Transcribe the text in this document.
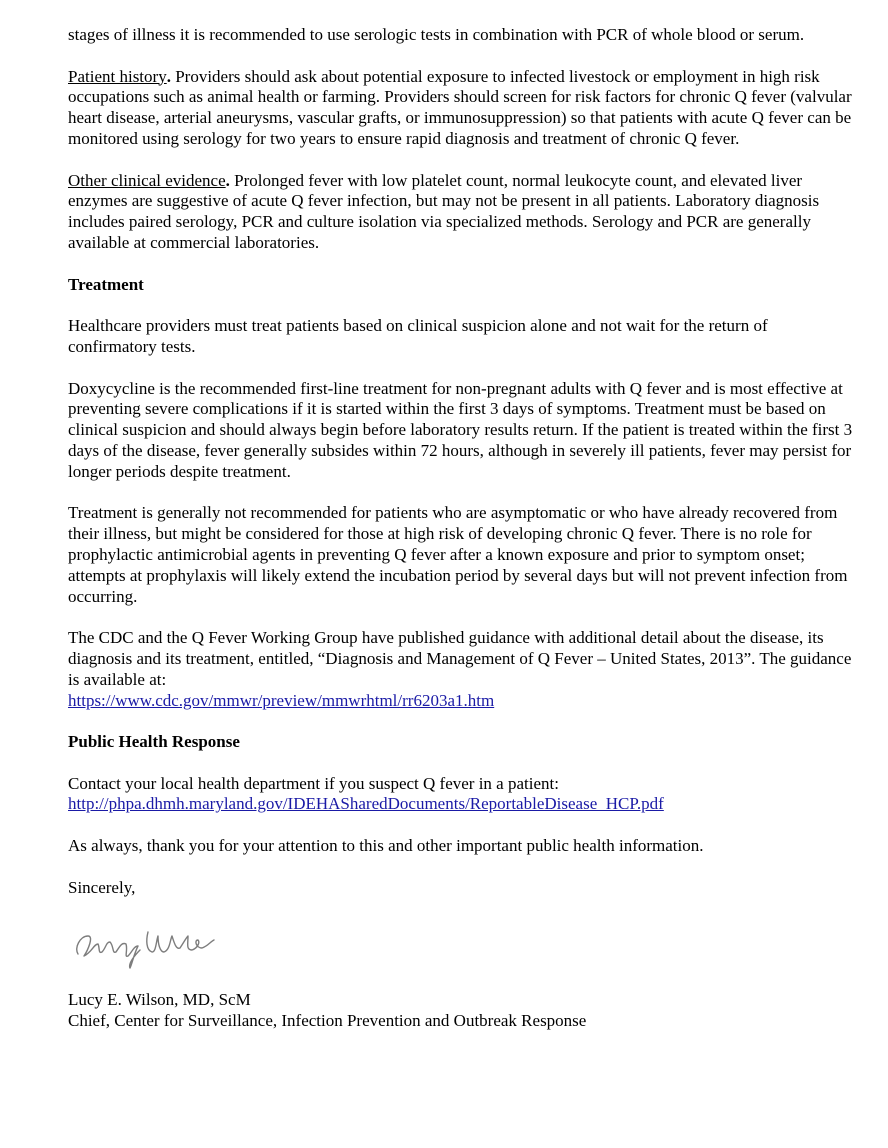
stages of illness it is recommended to use serologic tests in combination with PCR of whole blood or serum.

Patient history. Providers should ask about potential exposure to infected livestock or employment in high risk occupations such as animal health or farming. Providers should screen for risk factors for chronic Q fever (valvular heart disease, arterial aneurysms, vascular grafts, or immunosuppression) so that patients with acute Q fever can be monitored using serology for two years to ensure rapid diagnosis and treatment of chronic Q fever.

Other clinical evidence. Prolonged fever with low platelet count, normal leukocyte count, and elevated liver enzymes are suggestive of acute Q fever infection, but may not be present in all patients. Laboratory diagnosis includes paired serology, PCR and culture isolation via specialized methods. Serology and PCR are generally available at commercial laboratories.

Treatment

Healthcare providers must treat patients based on clinical suspicion alone and not wait for the return of confirmatory tests.

Doxycycline is the recommended first-line treatment for non-pregnant adults with Q fever and is most effective at preventing severe complications if it is started within the first 3 days of symptoms. Treatment must be based on clinical suspicion and should always begin before laboratory results return. If the patient is treated within the first 3 days of the disease, fever generally subsides within 72 hours, although in severely ill patients, fever may persist for longer periods despite treatment.

Treatment is generally not recommended for patients who are asymptomatic or who have already recovered from their illness, but might be considered for those at high risk of developing chronic Q fever. There is no role for prophylactic antimicrobial agents in preventing Q fever after a known exposure and prior to symptom onset; attempts at prophylaxis will likely extend the incubation period by several days but will not prevent infection from occurring.

The CDC and the Q Fever Working Group have published guidance with additional detail about the disease, its diagnosis and its treatment, entitled, “Diagnosis and Management of Q Fever – United States, 2013”. The guidance is available at:
https://www.cdc.gov/mmwr/preview/mmwrhtml/rr6203a1.htm

Public Health Response

Contact your local health department if you suspect Q fever in a patient:
http://phpa.dhmh.maryland.gov/IDEHASharedDocuments/ReportableDisease_HCP.pdf

As always, thank you for your attention to this and other important public health information.

Sincerely,

Lucy E. Wilson, MD, ScM

Chief, Center for Surveillance, Infection Prevention and Outbreak Response
